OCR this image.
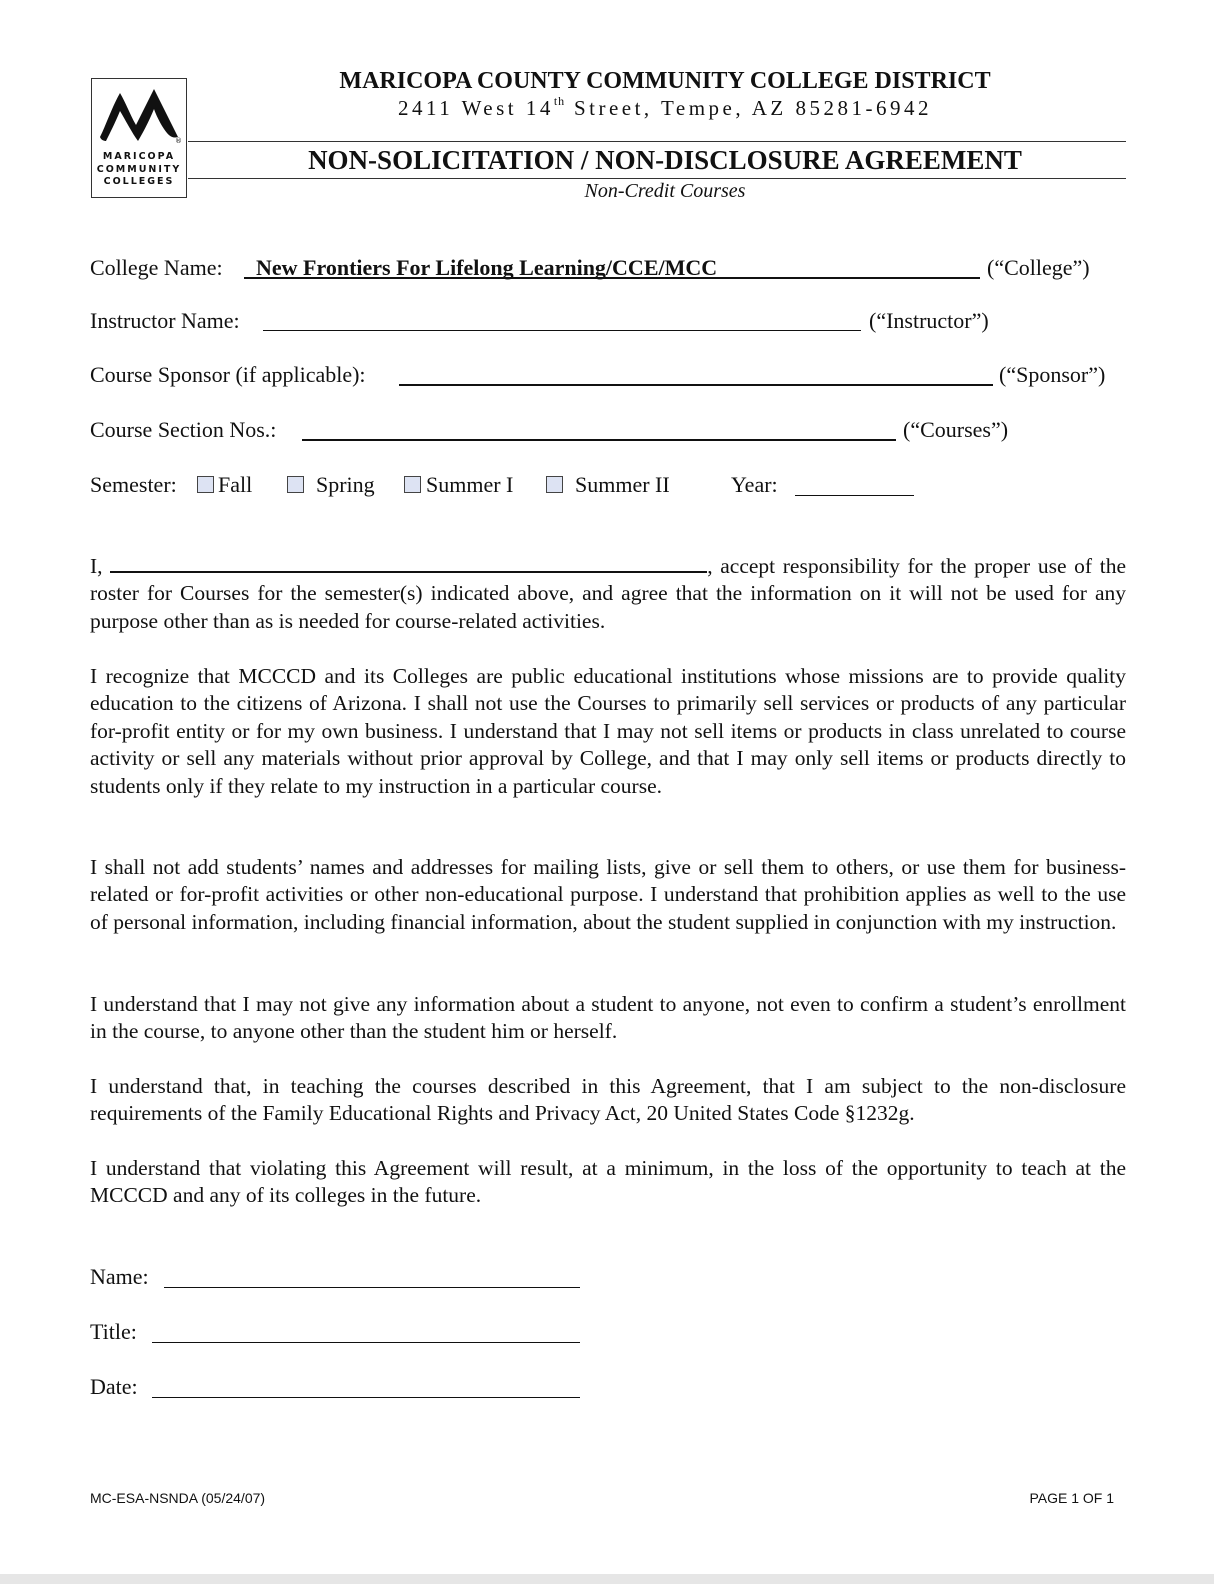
®
MARICOPA
COMMUNITY
COLLEGES
MARICOPA COUNTY COMMUNITY COLLEGE DISTRICT
2411 West 14th Street, Tempe, AZ 85281-6942
NON-SOLICITATION / NON-DISCLOSURE AGREEMENT
Non-Credit Courses
College Name: New Frontiers For Lifelong Learning/CCE/MCC	(“College”)
Instructor Name:	(“Instructor”)
Course Sponsor (if applicable):	(“Sponsor”)
Course Section Nos.:	(“Courses”)
Semester: Fall	Spring Summer I	Summer II	Year:
I,	, accept responsibility for the proper use of the roster for Courses for the semester(s) indicated above, and agree that the information on it will not be used for any purpose other than as is needed for course-related activities.
I recognize that MCCCD and its Colleges are public educational institutions whose missions are to provide quality education to the citizens of Arizona. I shall not use the Courses to primarily sell services or products of any particular for-profit entity or for my own business. I understand that I may not sell items or products in class unrelated to course activity or sell any materials without prior approval by College, and that I may only sell items or products directly to students only if they relate to my instruction in a particular course.
I shall not add students’ names and addresses for mailing lists, give or sell them to others, or use them for business-related or for-profit activities or other non-educational purpose. I understand that prohibition applies as well to the use of personal information, including financial information, about the student supplied in conjunction with my instruction.
I understand that I may not give any information about a student to anyone, not even to confirm a student’s enrollment in the course, to anyone other than the student him or herself.
I understand that, in teaching the courses described in this Agreement, that I am subject to the non-disclosure requirements of the Family Educational Rights and Privacy Act, 20 United States Code §1232g.
I understand that violating this Agreement will result, at a minimum, in the loss of the opportunity to teach at the MCCCD and any of its colleges in the future.
Name:
Title:
Date:
MC-ESA-NSNDA (05/24/07)	PAGE 1 OF 1
